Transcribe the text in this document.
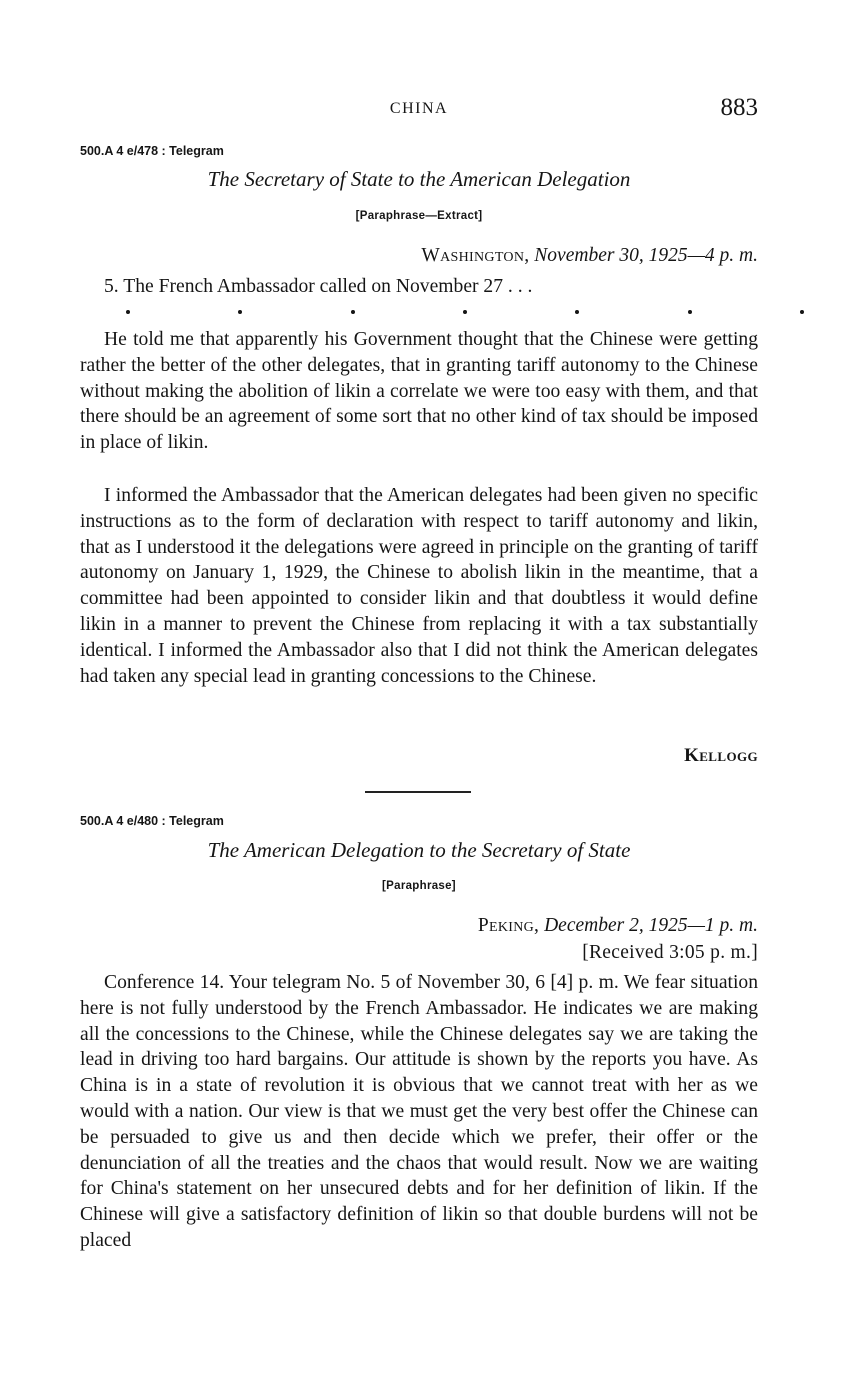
CHINA	883
500.A 4 e/478 : Telegram
The Secretary of State to the American Delegation
[Paraphrase—Extract]
Washington, November 30, 1925—4 p. m.

5. The French Ambassador called on November 27 . . .

He told me that apparently his Government thought that the Chinese were getting rather the better of the other delegates, that in granting tariff autonomy to the Chinese without making the abolition of likin a correlate we were too easy with them, and that there should be an agreement of some sort that no other kind of tax should be imposed in place of likin.

I informed the Ambassador that the American delegates had been given no specific instructions as to the form of declaration with respect to tariff autonomy and likin, that as I understood it the delegations were agreed in principle on the granting of tariff autonomy on January 1, 1929, the Chinese to abolish likin in the meantime, that a committee had been appointed to consider likin and that doubtless it would define likin in a manner to prevent the Chinese from replacing it with a tax substantially identical. I informed the Ambassador also that I did not think the American delegates had taken any special lead in granting concessions to the Chinese.

Kellogg
500.A 4 e/480 : Telegram
The American Delegation to the Secretary of State
[Paraphrase]
Peking, December 2, 1925—1 p. m.
[Received 3:05 p. m.]

Conference 14. Your telegram No. 5 of November 30, 6 [4] p. m. We fear situation here is not fully understood by the French Ambassador. He indicates we are making all the concessions to the Chinese, while the Chinese delegates say we are taking the lead in driving too hard bargains. Our attitude is shown by the reports you have. As China is in a state of revolution it is obvious that we cannot treat with her as we would with a nation. Our view is that we must get the very best offer the Chinese can be persuaded to give us and then decide which we prefer, their offer or the denunciation of all the treaties and the chaos that would result. Now we are waiting for China's statement on her unsecured debts and for her definition of likin. If the Chinese will give a satisfactory definition of likin so that double burdens will not be placed
